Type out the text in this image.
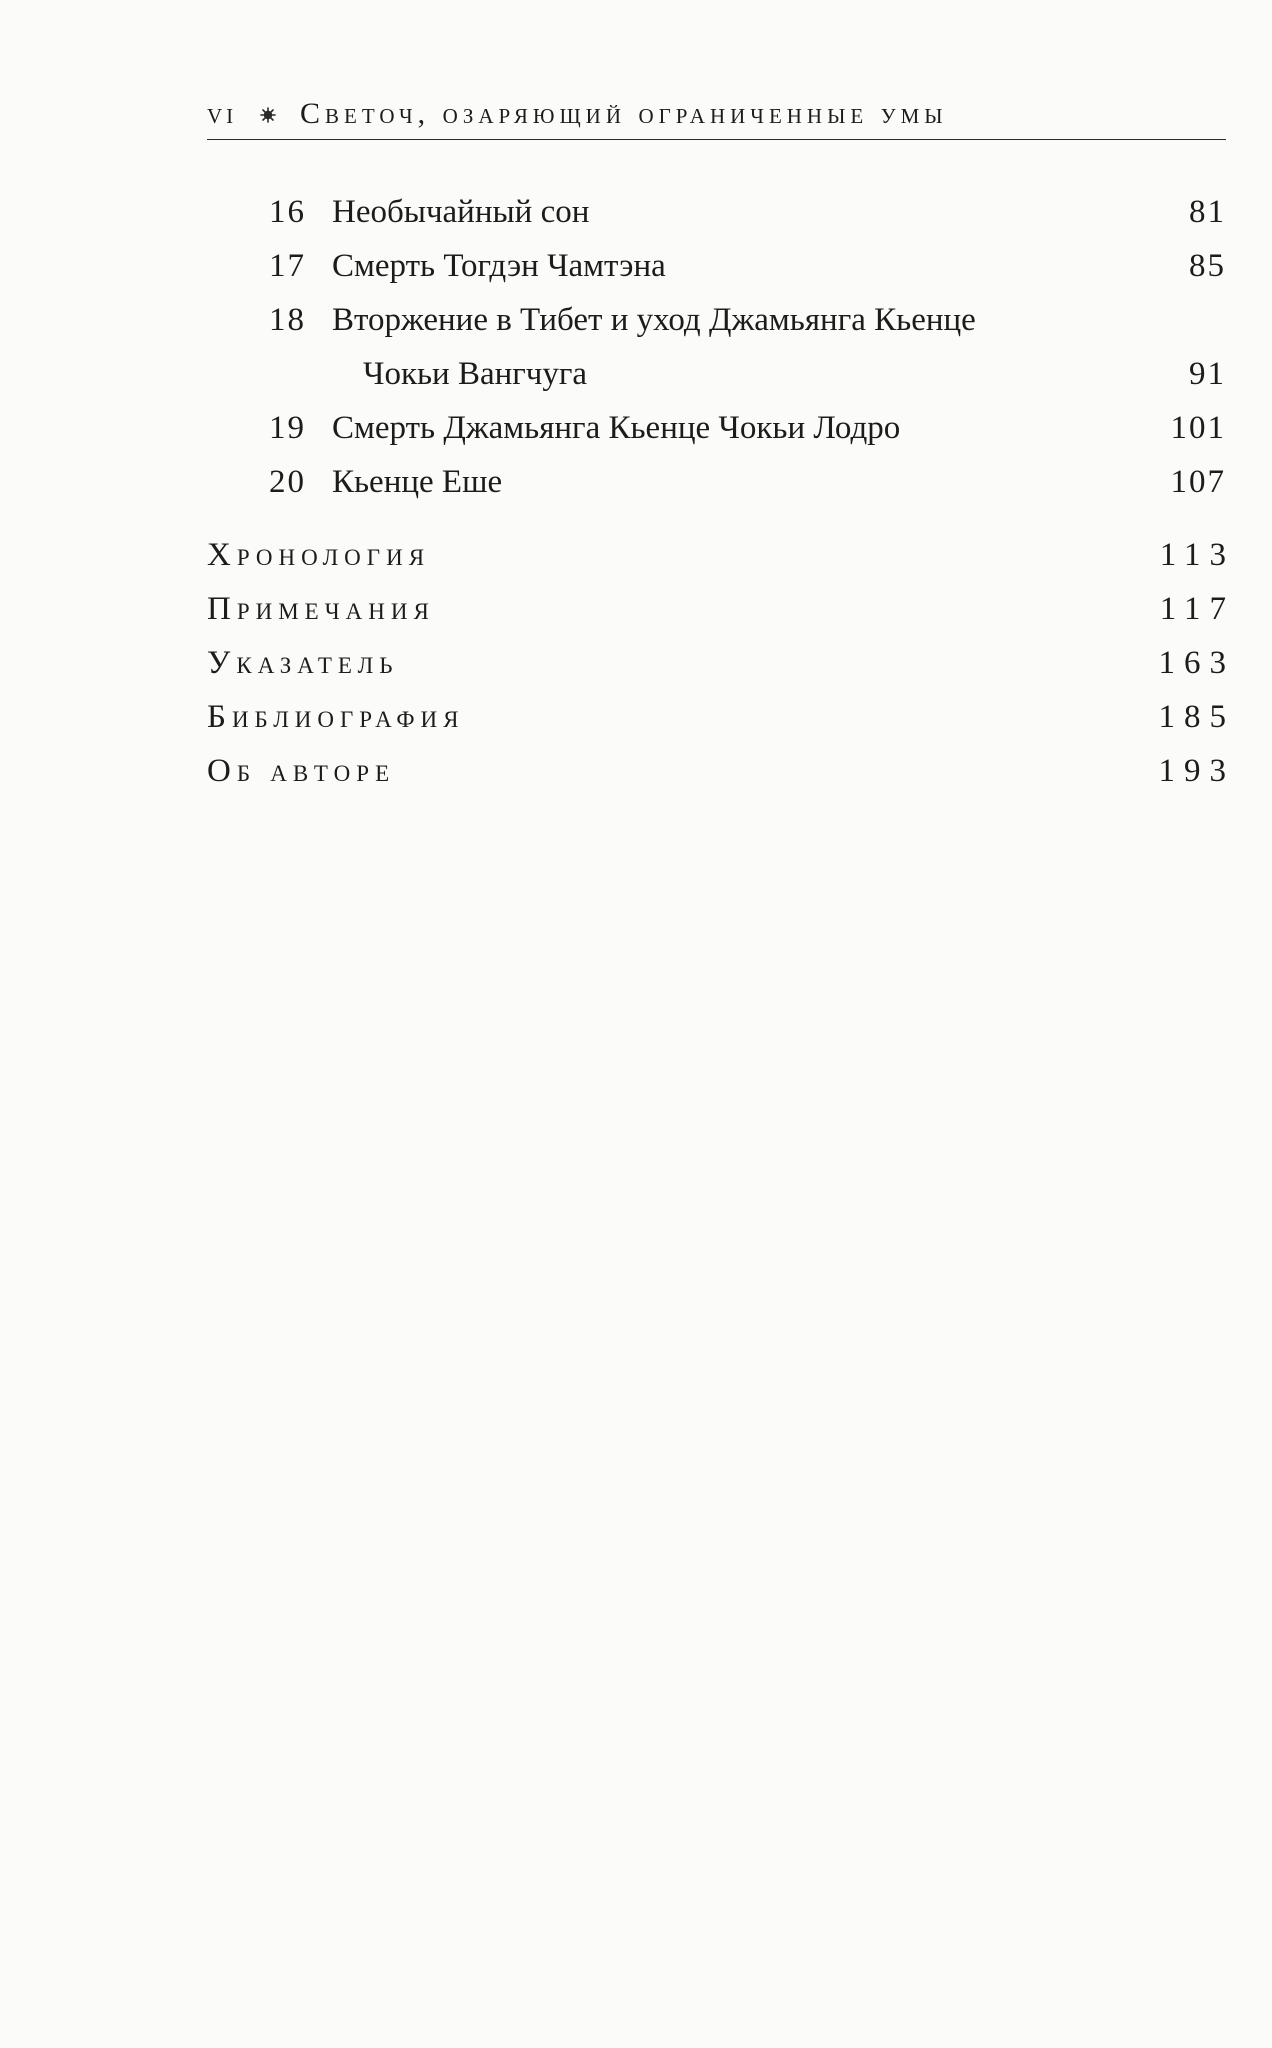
vi Светоч, озаряющий ограниченные умы
16 Необычайный сон	81
17 Смерть Тогдэн Чамтэна	85
18 Вторжение в Тибет и уход Джамьянга Кьенце
Чокьи Вангчуга	91
19 Смерть Джамьянга Кьенце Чокьи Лодро	101
20 Кьенце Еше	107
Хронология	113
Примечания	117
Указатель	163
Библиография	185
Об авторе	193
